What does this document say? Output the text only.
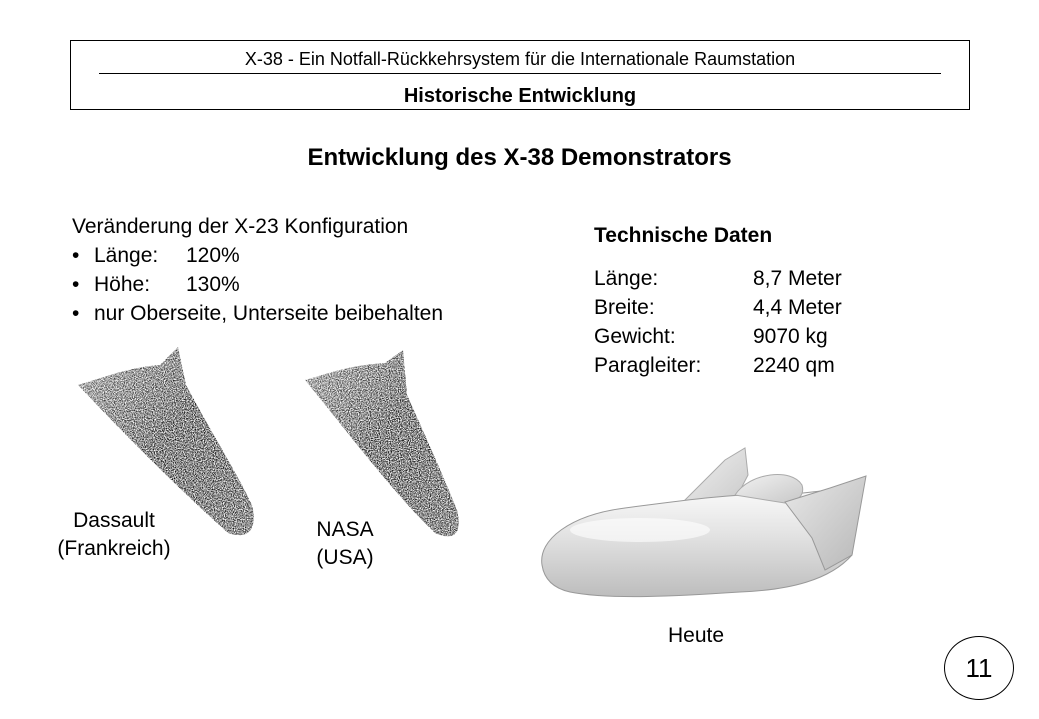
X-38 - Ein Notfall-Rückkehrsystem für die Internationale Raumstation
Historische Entwicklung
Entwicklung des X-38 Demonstrators
Veränderung der X-23 Konfiguration
• Länge: 120%
• Höhe: 130%
• nur Oberseite, Unterseite beibehalten
Technische Daten
Länge:	8,7 Meter
Breite:	4,4 Meter
Gewicht:	9070 kg
Paragleiter:	2240 qm
Dassault
(Frankreich)
NASA
(USA)
Heute
11
